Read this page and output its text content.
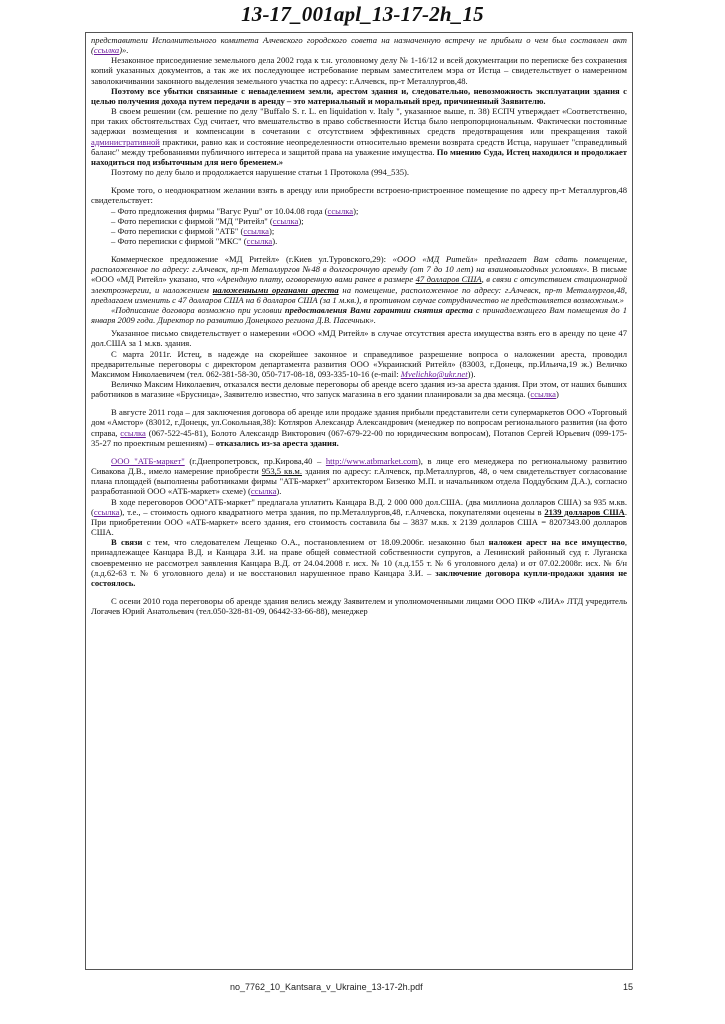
13-17_001apl_13-17-2h_15

представители Исполнительного комитета Алчевского городского совета на назначенную встречу не прибыли о чем был составлен акт (ссылка)».

Незаконное присоединение земельного дела 2002 года к т.н. уголовному делу № 1-16/12 и всей документации по переписке без сохранения копий указанных документов, а так же их последующее истребование первым заместителем мэра от Истца – свидетельствует о намеренном заволокичивании законного выделения земельного участка по адресу: г.Алчевск, пр-т Металлургов,48.

Поэтому все убытки связанные с невыделением земли, арестом здания и, следовательно, невозможность эксплуатации здания с целью получения дохода путем передачи в аренду – это материальный и моральный вред, причиненный Заявителю.

В своем решении (см. решение по делу "Buffalo S. r. L. en liquidation v. Italy ", указанное выше, п. 38) ЕСПЧ утверждает «Соответственно, при таких обстоятельствах Суд считает, что вмешательство в право собственности Истца было непропорциональным. Фактически постоянные задержки возмещения и компенсации в сочетании с отсутствием эффективных средств предотвращения или прекращения такой административной практики, равно как и состояние неопределенности относительно времени возврата средств Истца, нарушает "справедливый баланс" между требованиями публичного интереса и защитой права на уважение имущества. По мнению Суда, Истец находился и продолжает находиться под избыточным для него бременем.»

Поэтому по делу было и продолжается нарушение статьи 1 Протокола (994_535).

Кроме того, о неоднократном желании взять в аренду или приобрести встроено-пристроенное помещение по адресу пр-т Металлургов,48 свидетельствует:

– Фото предложения фирмы "Вагус Руш" от 10.04.08 года (ссылка);

– Фото переписки с фирмой "МД "Ритейл" (ссылка);

– Фото переписки с фирмой "АТБ" (ссылка);

– Фото переписки с фирмой "МКС" (ссылка).

Коммерческое предложение «МД Ритейл» (г.Киев ул.Туровского,29): «ООО «МД Ритейл» предлагает Вам сдать помещение, расположенное по адресу: г.Алчевск, пр-т Металлургов №48 в долгосрочную аренду (от 7 до 10 лет) на взаимовыгодных условиях». В письме «ООО «МД Ритейл» указано, что «Арендную плату, оговоренную вами ранее в размере 47 долларов США, в связи с отсутствием стационарной электроэнергии, и наложением наложенными органами ареста на помещение, расположенное по адресу: г.Алчевск, пр-т Металлургов,48, предлагаем изменить с 47 долларов США на 6 долларов США (за 1 м.кв.), в противном случае сотрудничество не представляется возможным.»

«Подписание договора возможно при условии предоставления Вами гарантии снятия ареста с принадлежащего Вам помещения до 1 января 2009 года. Директор по развитию Донецкого региона Д.В. Пасечнык».

Указанное письмо свидетельствует о намерении «ООО «МД Ритейл» в случае отсутствия ареста имущества взять его в аренду по цене 47 дол.США за 1 м.кв. здания.

С марта 2011г. Истец, в надежде на скорейшее законное и справедливое разрешение вопроса о наложении ареста, проводил предварительные переговоры с директором департамента развития ООО «Украинский Ритейл» (83003, г.Донецк, пр.Ильича,19 ж.) Величко Максимом Николаевичем (тел. 062-381-58-30, 050-717-08-18, 093-335-10-16 (e-mail: Mvelichko@ukr.net)).

Величко Максим Николаевич, отказался вести деловые переговоры об аренде всего здания из-за ареста здания. При этом, от наших бывших работников в магазине «Брусница», Заявителю известно, что запуск магазина в его здании планировали за два месяца. (ссылка)

В августе 2011 года – для заключения договора об аренде или продаже здания прибыли представители сети супермаркетов ООО «Торговый дом «Амстор» (83012, г.Донецк, ул.Сокольная,38): Котляров Александр Александрович (менеджер по вопросам регионального развития (на фото справа, ссылка (067-522-45-81), Болото Александр Викторович (067-679-22-00 по юридическим вопросам), Потапов Сергей Юрьевич (099-175-35-27 по проектным решениям) – отказались из-за ареста здания.

ООО "АТБ-маркет" (г.Днепропетровск, пр.Кирова,40 – http://www.atbmarket.com), в лице его менеджера по региональному развитию Сивакова Д.В., имело намерение приобрести 953,5 кв.м. здания по адресу: г.Алчевск, пр.Металлургов, 48, о чем свидетельствует согласование плана площадей (выполнены работниками фирмы "АТБ-маркет" архитектором Бизенко М.П. и начальником отдела Поддубским Д.А.), согласно разработанной ООО «АТБ-маркет» схеме) (ссылка).

В ходе переговоров ООО"АТБ-маркет" предлагала уплатить Канцара В.Д. 2 000 000 дол.США. (два миллиона долларов США) за 935 м.кв. (ссылка), т.е., – стоимость одного квадратного метра здания, по пр.Металлургов,48, г.Алчевска, покупателями оценены в 2139 долларов США. При приобретении ООО «АТБ-маркет» всего здания, его стоимость составила бы – 3837 м.кв. х 2139 долларов США = 8207343.00 долларов США.

В связи с тем, что следователем Лещенко О.А., постановлением от 18.09.2006г. незаконно был наложен арест на все имущество, принадлежащее Канцара В.Д. и Канцара З.И. на праве общей совместной собственности супругов, а Ленинский районный суд г. Луганска своевременно не рассмотрел заявления Канцара В.Д. от 24.04.2008 г. исх. № 10 (л.д.155 т. № 6 уголовного дела) и от 07.02.2008г. исх. № б/н (л.д.62-63 т. № 6 уголовного дела) и не восстановил нарушенное право Канцара З.И. – заключение договора купли-продажи здания не состоялось.

С осени 2010 года переговоры об аренде здания велись между Заявителем и уполномоченными лицами ООО ПКФ «ЛИА» ЛТД учредитель Логачев Юрий Анатольевич (тел.050-328-81-09, 06442-33-66-88), менеджер

no_7762_10_Kantsara_v_Ukraine_13-17-2h.pdf	15
